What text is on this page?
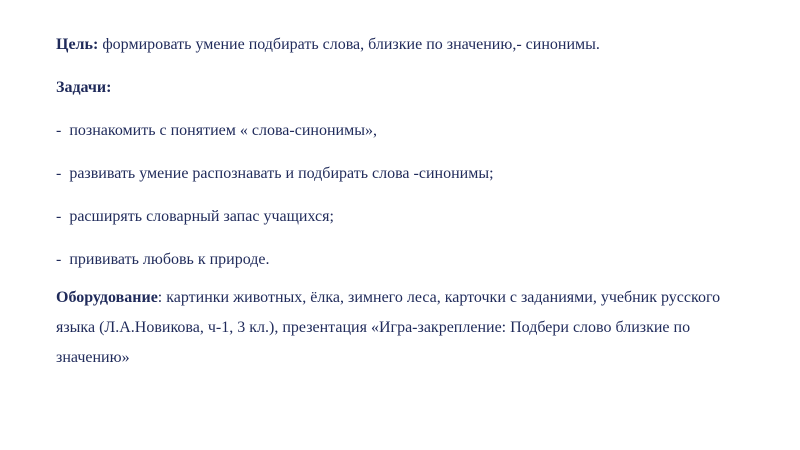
Цель: формировать умение подбирать слова, близкие по значению,- синонимы.

Задачи:

- познакомить с понятием « слова-синонимы»,

- развивать умение распознавать и подбирать слова -синонимы;

- расширять словарный запас учащихся;

- прививать любовь к природе.

Оборудование: картинки животных, ёлка, зимнего леса, карточки с заданиями, учебник русского языка (Л.А.Новикова, ч-1, 3 кл.), презентация «Игра-закрепление: Подбери слово близкие по значению»
